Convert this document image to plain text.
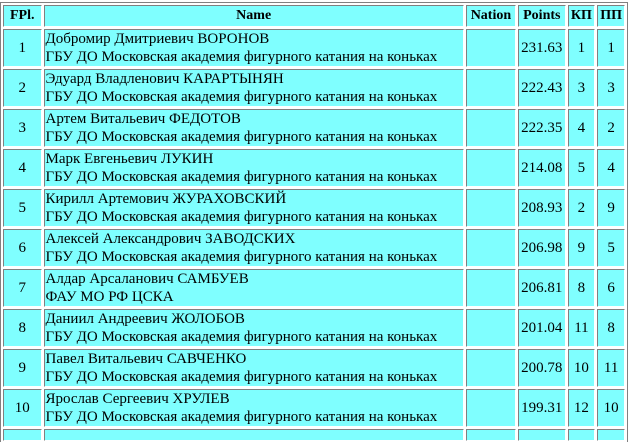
FPl.	Name	Nation	Points	КП	ПП
1	Добромир Дмитриевич ВОРОНОВ
ГБУ ДО Московская академия фигурного катания на коньках		231.63	1	1
2	Эдуард Владленович КАРАРТЫНЯН
ГБУ ДО Московская академия фигурного катания на коньках		222.43	3	3
3	Артем Витальевич ФЕДОТОВ
ГБУ ДО Московская академия фигурного катания на коньках		222.35	4	2
4	Марк Евгеньевич ЛУКИН
ГБУ ДО Московская академия фигурного катания на коньках		214.08	5	4
5	Кирилл Артемович ЖУРАХОВСКИЙ
ГБУ ДО Московская академия фигурного катания на коньках		208.93	2	9
6	Алексей Александрович ЗАВОДСКИХ
ГБУ ДО Московская академия фигурного катания на коньках		206.98	9	5
7	Алдар Арсаланович САМБУЕВ
ФАУ МО РФ ЦСКА		206.81	8	6
8	Даниил Андреевич ЖОЛОБОВ
ГБУ ДО Московская академия фигурного катания на коньках		201.04	11	8
9	Павел Витальевич САВЧЕНКО
ГБУ ДО Московская академия фигурного катания на коньках		200.78	10	11
10	Ярослав Сергеевич ХРУЛЕВ
ГБУ ДО Московская академия фигурного катания на коньках		199.31	12	10
